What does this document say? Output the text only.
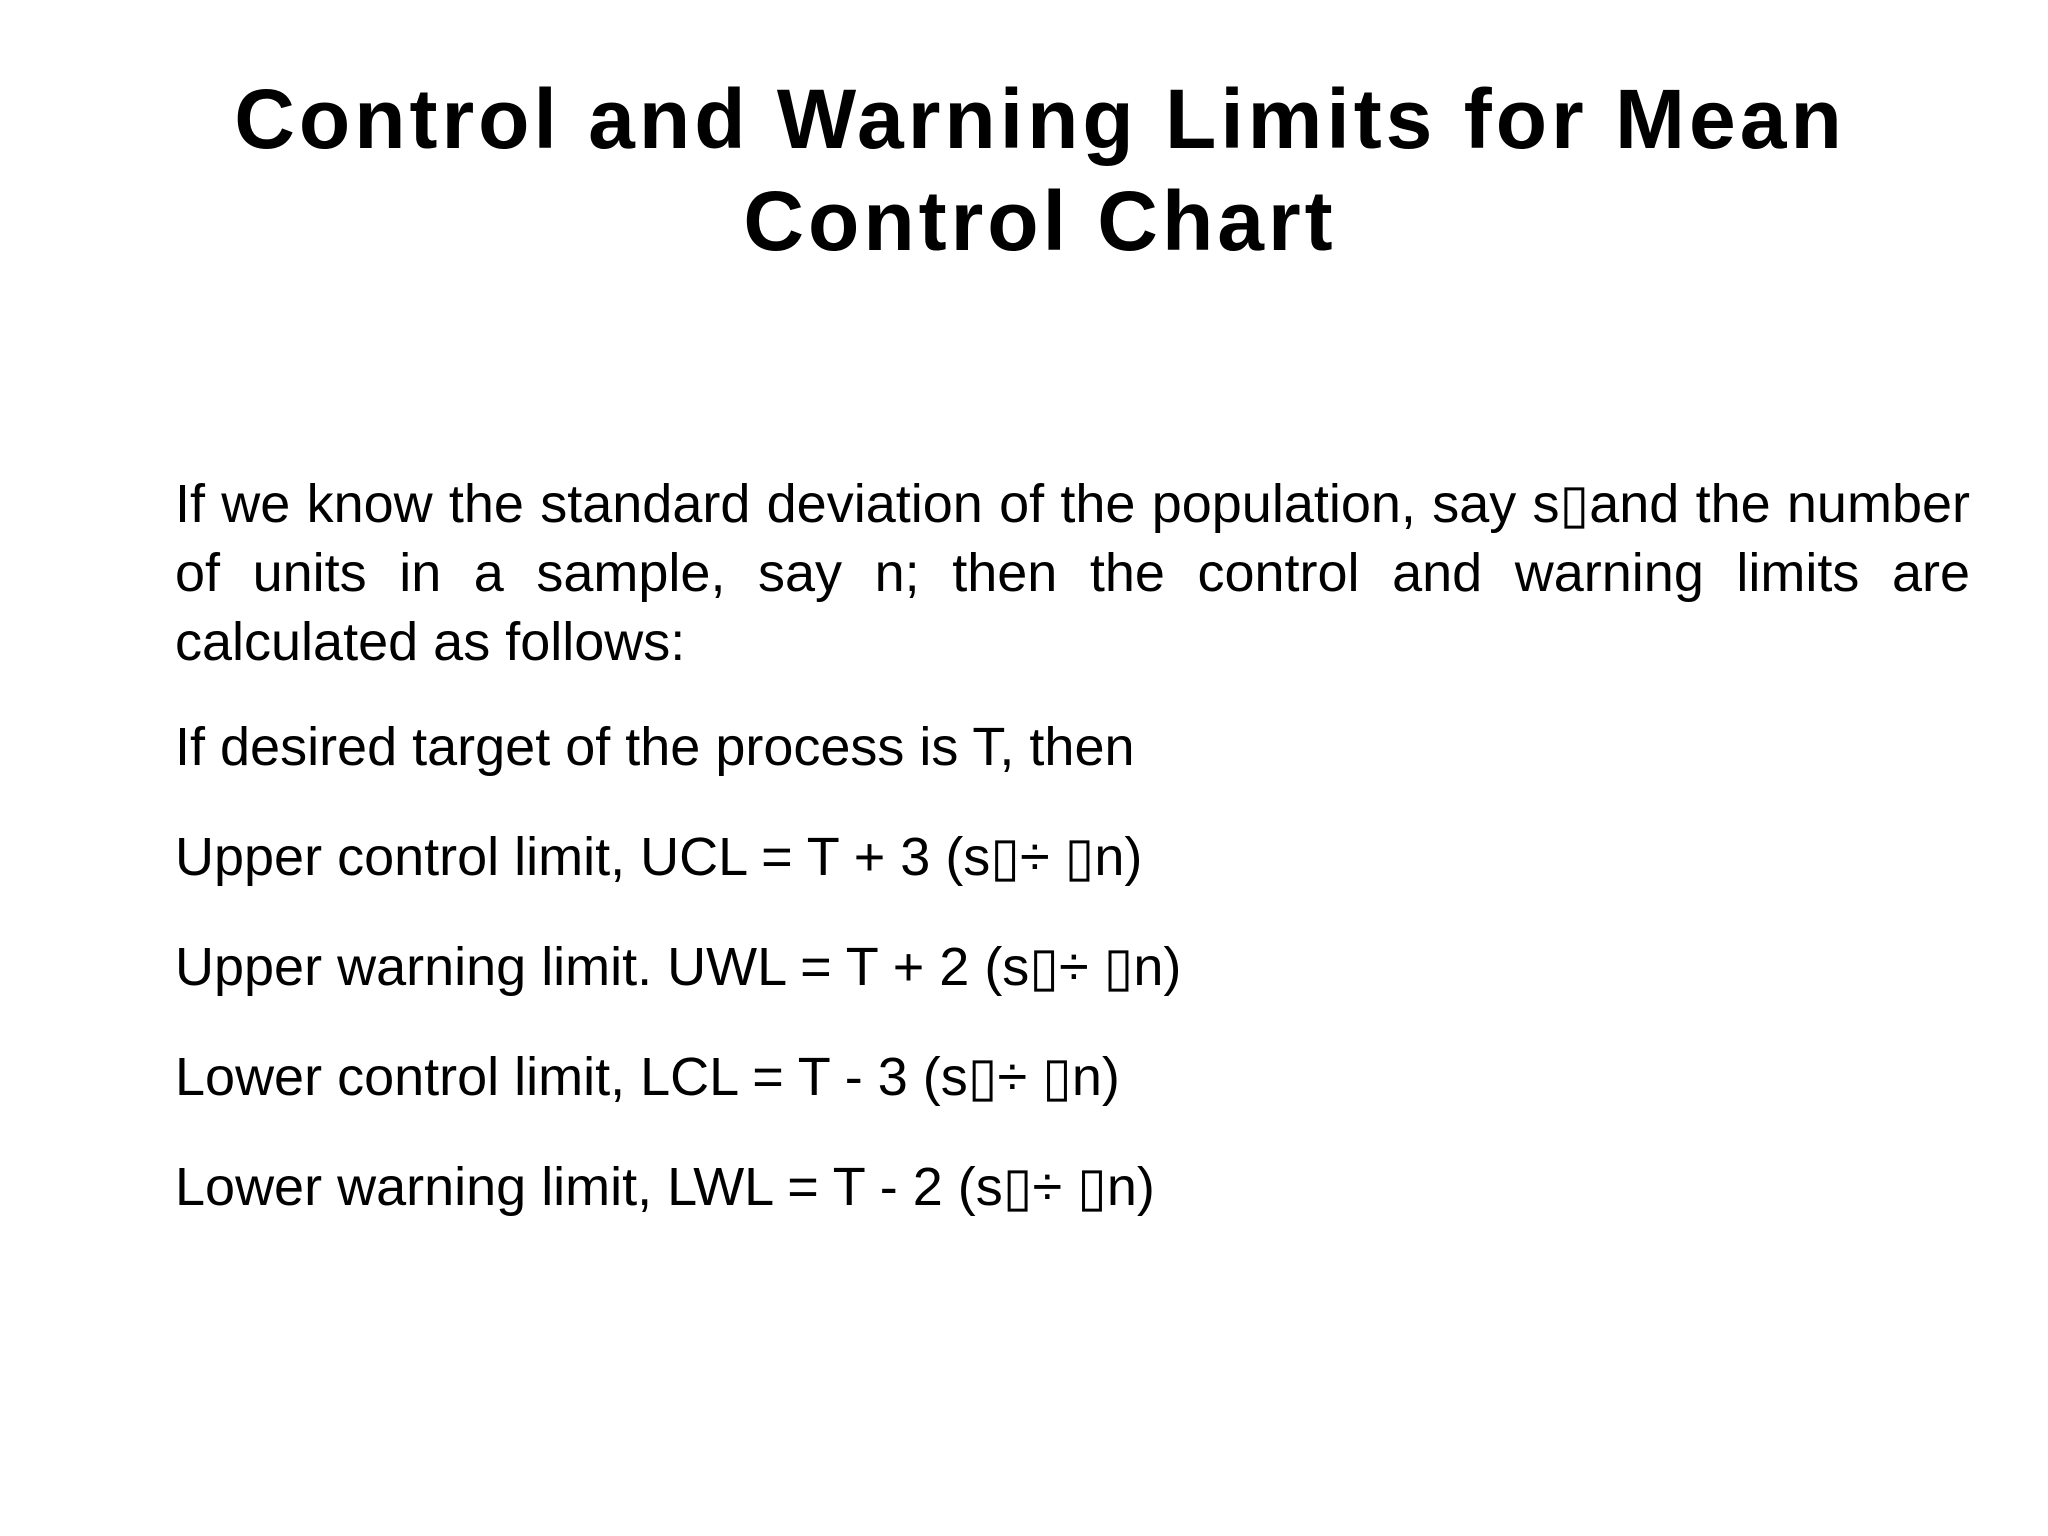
Control and Warning Limits for Mean Control Chart

If we know the standard deviation of the population, say s▯and the number of units in a sample, say n; then the control and warning limits are calculated as follows:

If desired target of the process is T, then

Upper control limit, UCL = T + 3 (s▯÷ ▯n)

Upper warning limit. UWL = T + 2 (s▯÷ ▯n)

Lower control limit, LCL = T - 3 (s▯÷ ▯n)

Lower warning limit, LWL = T - 2 (s▯÷ ▯n)
